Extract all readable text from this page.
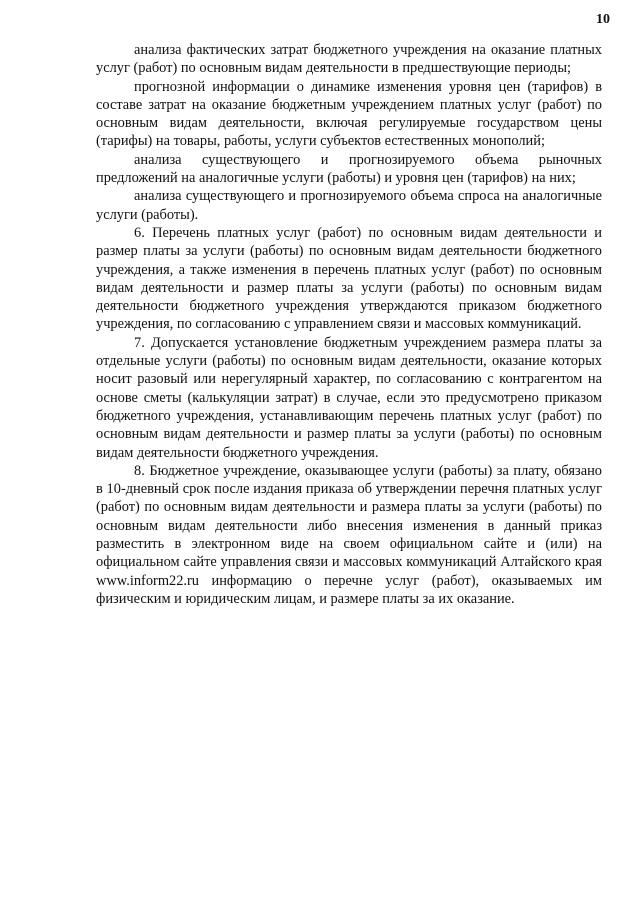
10

анализа фактических затрат бюджетного учреждения на оказание платных услуг (работ) по основным видам деятельности в предшествующие периоды;

прогнозной информации о динамике изменения уровня цен (тарифов) в составе затрат на оказание бюджетным учреждением платных услуг (работ) по основным видам деятельности, включая регулируемые государством цены (тарифы) на товары, работы, услуги субъектов естественных монополий;

анализа существующего и прогнозируемого объема рыночных предложений на аналогичные услуги (работы) и уровня цен (тарифов) на них;

анализа существующего и прогнозируемого объема спроса на аналогичные услуги (работы).

6. Перечень платных услуг (работ) по основным видам деятельности и размер платы за услуги (работы) по основным видам деятельности бюджетного учреждения, а также изменения в перечень платных услуг (работ) по основным видам деятельности и размер платы за услуги (работы) по основным видам деятельности бюджетного учреждения утверждаются приказом бюджетного учреждения, по согласованию с управлением связи и массовых коммуникаций.

7. Допускается установление бюджетным учреждением размера платы за отдельные услуги (работы) по основным видам деятельности, оказание которых носит разовый или нерегулярный характер, по согласованию с контрагентом на основе сметы (калькуляции затрат) в случае, если это предусмотрено приказом бюджетного учреждения, устанавливающим перечень платных услуг (работ) по основным видам деятельности и размер платы за услуги (работы) по основным видам деятельности бюджетного учреждения.

8. Бюджетное учреждение, оказывающее услуги (работы) за плату, обязано в 10-дневный срок после издания приказа об утверждении перечня платных услуг (работ) по основным видам деятельности и размера платы за услуги (работы) по основным видам деятельности либо внесения изменения в данный приказ разместить в электронном виде на своем официальном сайте и (или) на официальном сайте управления связи и массовых коммуникаций Алтайского края www.inform22.ru информацию о перечне услуг (работ), оказываемых им физическим и юридическим лицам, и размере платы за их оказание.
